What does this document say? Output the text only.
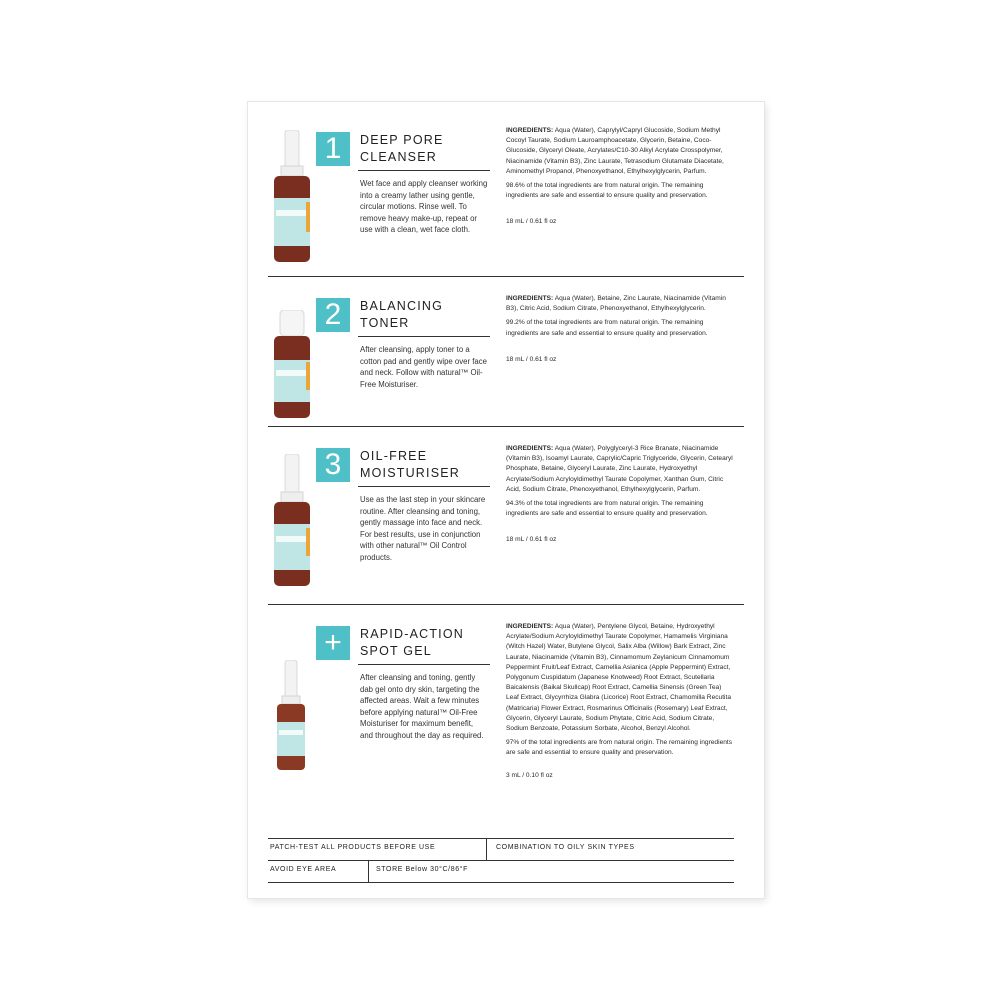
1	DEEP PORE
CLEANSER
Wet face and apply cleanser working into a creamy lather using gentle, circular motions. Rinse well. To remove heavy make-up, repeat or use with a clean, wet face cloth.
INGREDIENTS: Aqua (Water), Caprylyl/Capryl Glucoside, Sodium Methyl Cocoyl Taurate, Sodium Lauroamphoacetate, Glycerin, Betaine, Coco-Glucoside, Glyceryl Oleate, Acrylates/C10-30 Alkyl Acrylate Crosspolymer, Niacinamide (Vitamin B3), Zinc Laurate, Tetrasodium Glutamate Diacetate, Aminomethyl Propanol, Phenoxyethanol, Ethylhexylglycerin, Parfum.
98.6% of the total ingredients are from natural origin. The remaining ingredients are safe and essential to ensure quality and preservation.
18 mL / 0.61 fl oz
2	BALANCING
TONER
After cleansing, apply toner to a cotton pad and gently wipe over face and neck. Follow with natural™ Oil-Free Moisturiser.
INGREDIENTS: Aqua (Water), Betaine, Zinc Laurate, Niacinamide (Vitamin B3), Citric Acid, Sodium Citrate, Phenoxyethanol, Ethylhexylglycerin.
99.2% of the total ingredients are from natural origin. The remaining ingredients are safe and essential to ensure quality and preservation.
18 mL / 0.61 fl oz
3	OIL-FREE
MOISTURISER
Use as the last step in your skincare routine. After cleansing and toning, gently massage into face and neck. For best results, use in conjunction with other natural™ Oil Control products.
INGREDIENTS: Aqua (Water), Polyglyceryl-3 Rice Branate, Niacinamide (Vitamin B3), Isoamyl Laurate, Caprylic/Capric Triglyceride, Glycerin, Cetearyl Phosphate, Betaine, Glyceryl Laurate, Zinc Laurate, Hydroxyethyl Acrylate/Sodium Acryloyldimethyl Taurate Copolymer, Xanthan Gum, Citric Acid, Sodium Citrate, Phenoxyethanol, Ethylhexylglycerin, Parfum.
94.3% of the total ingredients are from natural origin. The remaining ingredients are safe and essential to ensure quality and preservation.
18 mL / 0.61 fl oz
+	RAPID-ACTION
SPOT GEL
After cleansing and toning, gently dab gel onto dry skin, targeting the affected areas. Wait a few minutes before applying natural™ Oil-Free Moisturiser for maximum benefit, and throughout the day as required.
INGREDIENTS: Aqua (Water), Pentylene Glycol, Betaine, Hydroxyethyl Acrylate/Sodium Acryloyldimethyl Taurate Copolymer, Hamamelis Virginiana (Witch Hazel) Water, Butylene Glycol, Salix Alba (Willow) Bark Extract, Zinc Laurate, Niacinamide (Vitamin B3), Cinnamomum Zeylanicum Cinnamomum Peppermint Fruit/Leaf Extract, Camellia Asianica (Apple Peppermint) Extract, Polygonum Cuspidatum (Japanese Knotweed) Root Extract, Scutellaria Baicalensis (Baikal Skullcap) Root Extract, Camellia Sinensis (Green Tea) Leaf Extract, Glycyrrhiza Glabra (Licorice) Root Extract, Chamomilla Recutita (Matricaria) Flower Extract, Rosmarinus Officinalis (Rosemary) Leaf Extract, Glycerin, Glyceryl Laurate, Sodium Phytate, Citric Acid, Sodium Citrate, Sodium Benzoate, Potassium Sorbate, Alcohol, Benzyl Alcohol.
97% of the total ingredients are from natural origin. The remaining ingredients are safe and essential to ensure quality and preservation.
3 mL / 0.10 fl oz
PATCH-TEST ALL PRODUCTS BEFORE USE	COMBINATION TO OILY SKIN TYPES
AVOID EYE AREA	STORE Below 30°C/86°F
